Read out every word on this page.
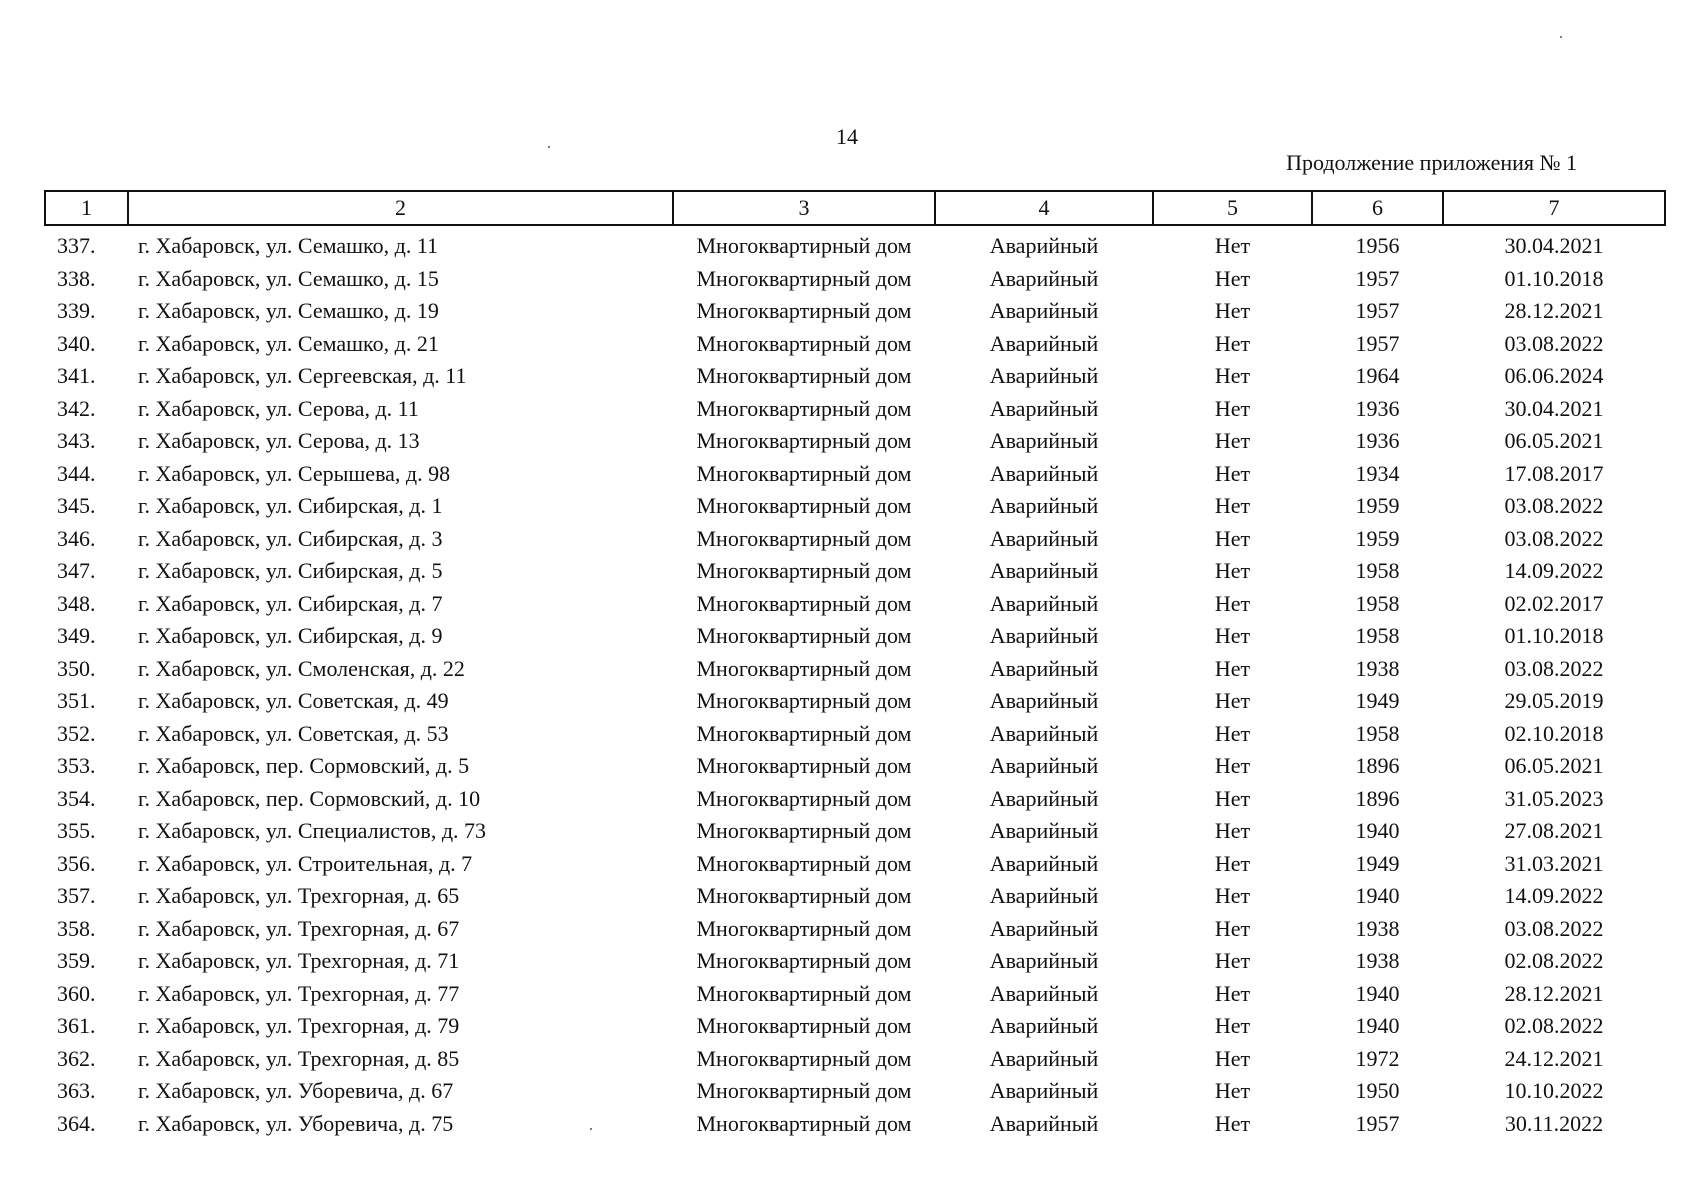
14
Продолжение приложения № 1
1	2	3	4	5	6	7
337.	г. Хабаровск, ул. Семашко, д. 11	Многоквартирный дом	Аварийный	Нет	1956	30.04.2021
338.	г. Хабаровск, ул. Семашко, д. 15	Многоквартирный дом	Аварийный	Нет	1957	01.10.2018
339.	г. Хабаровск, ул. Семашко, д. 19	Многоквартирный дом	Аварийный	Нет	1957	28.12.2021
340.	г. Хабаровск, ул. Семашко, д. 21	Многоквартирный дом	Аварийный	Нет	1957	03.08.2022
341.	г. Хабаровск, ул. Сергеевская, д. 11	Многоквартирный дом	Аварийный	Нет	1964	06.06.2024
342.	г. Хабаровск, ул. Серова, д. 11	Многоквартирный дом	Аварийный	Нет	1936	30.04.2021
343.	г. Хабаровск, ул. Серова, д. 13	Многоквартирный дом	Аварийный	Нет	1936	06.05.2021
344.	г. Хабаровск, ул. Серышева, д. 98	Многоквартирный дом	Аварийный	Нет	1934	17.08.2017
345.	г. Хабаровск, ул. Сибирская, д. 1	Многоквартирный дом	Аварийный	Нет	1959	03.08.2022
346.	г. Хабаровск, ул. Сибирская, д. 3	Многоквартирный дом	Аварийный	Нет	1959	03.08.2022
347.	г. Хабаровск, ул. Сибирская, д. 5	Многоквартирный дом	Аварийный	Нет	1958	14.09.2022
348.	г. Хабаровск, ул. Сибирская, д. 7	Многоквартирный дом	Аварийный	Нет	1958	02.02.2017
349.	г. Хабаровск, ул. Сибирская, д. 9	Многоквартирный дом	Аварийный	Нет	1958	01.10.2018
350.	г. Хабаровск, ул. Смоленская, д. 22	Многоквартирный дом	Аварийный	Нет	1938	03.08.2022
351.	г. Хабаровск, ул. Советская, д. 49	Многоквартирный дом	Аварийный	Нет	1949	29.05.2019
352.	г. Хабаровск, ул. Советская, д. 53	Многоквартирный дом	Аварийный	Нет	1958	02.10.2018
353.	г. Хабаровск, пер. Сормовский, д. 5	Многоквартирный дом	Аварийный	Нет	1896	06.05.2021
354.	г. Хабаровск, пер. Сормовский, д. 10	Многоквартирный дом	Аварийный	Нет	1896	31.05.2023
355.	г. Хабаровск, ул. Специалистов, д. 73	Многоквартирный дом	Аварийный	Нет	1940	27.08.2021
356.	г. Хабаровск, ул. Строительная, д. 7	Многоквартирный дом	Аварийный	Нет	1949	31.03.2021
357.	г. Хабаровск, ул. Трехгорная, д. 65	Многоквартирный дом	Аварийный	Нет	1940	14.09.2022
358.	г. Хабаровск, ул. Трехгорная, д. 67	Многоквартирный дом	Аварийный	Нет	1938	03.08.2022
359.	г. Хабаровск, ул. Трехгорная, д. 71	Многоквартирный дом	Аварийный	Нет	1938	02.08.2022
360.	г. Хабаровск, ул. Трехгорная, д. 77	Многоквартирный дом	Аварийный	Нет	1940	28.12.2021
361.	г. Хабаровск, ул. Трехгорная, д. 79	Многоквартирный дом	Аварийный	Нет	1940	02.08.2022
362.	г. Хабаровск, ул. Трехгорная, д. 85	Многоквартирный дом	Аварийный	Нет	1972	24.12.2021
363.	г. Хабаровск, ул. Уборевича, д. 67	Многоквартирный дом	Аварийный	Нет	1950	10.10.2022
364.	г. Хабаровск, ул. Уборевича, д. 75	Многоквартирный дом	Аварийный	Нет	1957	30.11.2022
